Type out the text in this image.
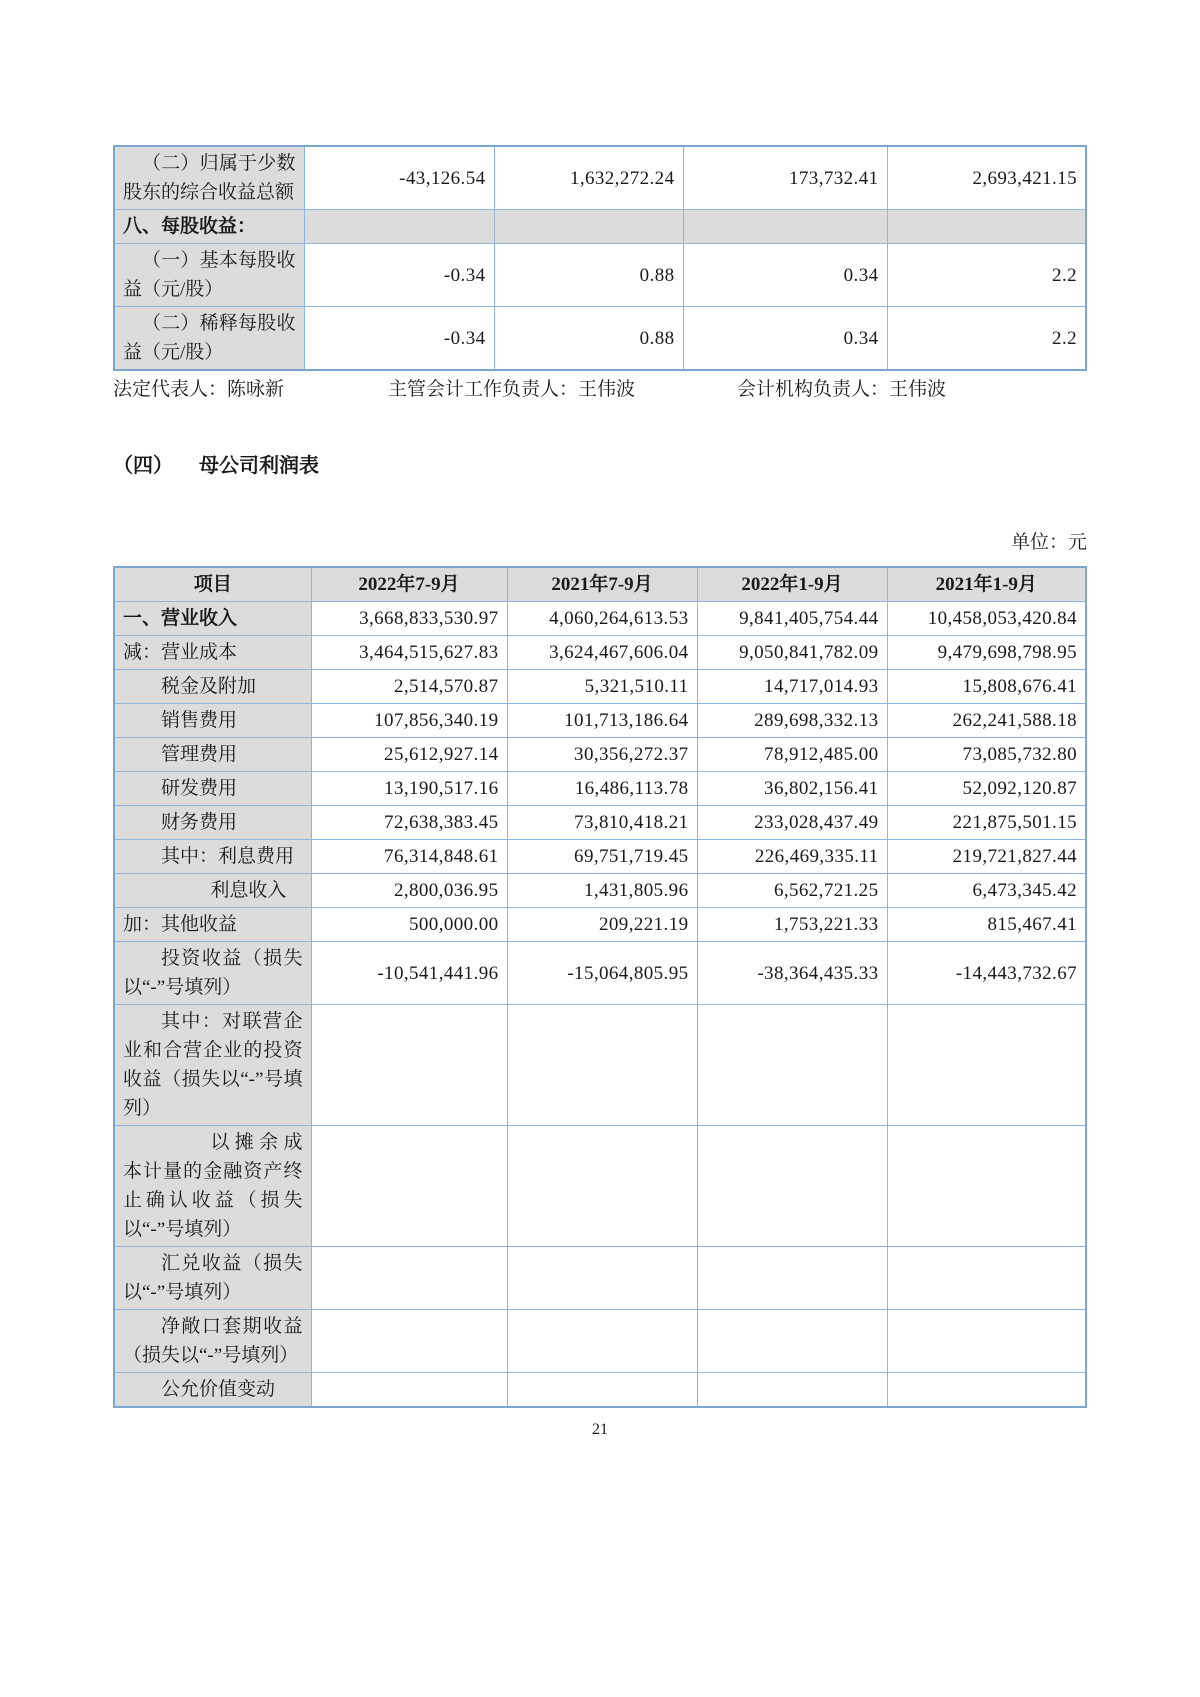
（二）归属于少数股东的综合收益总额	-43,126.54	1,632,272.24	173,732.41	2,693,421.15
八、每股收益：				
（一）基本每股收益（元/股）	-0.34	0.88	0.34	2.2
（二）稀释每股收益（元/股）	-0.34	0.88	0.34	2.2
法定代表人：陈咏新	主管会计工作负责人：王伟波	会计机构负责人：王伟波
（四） 母公司利润表
单位：元
项目	2022年7-9月	2021年7-9月	2022年1-9月	2021年1-9月
一、营业收入	3,668,833,530.97	4,060,264,613.53	9,841,405,754.44	10,458,053,420.84
减：营业成本	3,464,515,627.83	3,624,467,606.04	9,050,841,782.09	9,479,698,798.95
税金及附加	2,514,570.87	5,321,510.11	14,717,014.93	15,808,676.41
销售费用	107,856,340.19	101,713,186.64	289,698,332.13	262,241,588.18
管理费用	25,612,927.14	30,356,272.37	78,912,485.00	73,085,732.80
研发费用	13,190,517.16	16,486,113.78	36,802,156.41	52,092,120.87
财务费用	72,638,383.45	73,810,418.21	233,028,437.49	221,875,501.15
其中：利息费用	76,314,848.61	69,751,719.45	226,469,335.11	219,721,827.44
利息收入	2,800,036.95	1,431,805.96	6,562,721.25	6,473,345.42
加：其他收益	500,000.00	209,221.19	1,753,221.33	815,467.41
投资收益（损失以“-”号填列）	-10,541,441.96	-15,064,805.95	-38,364,435.33	-14,443,732.67
其中：对联营企业和合营企业的投资收益（损失以“-”号填列）				
以摊余成本计量的金融资产终止确认收益（损失以“-”号填列）				
汇兑收益（损失以“-”号填列）				
净敞口套期收益（损失以“-”号填列）				
公允价值变动				
21
